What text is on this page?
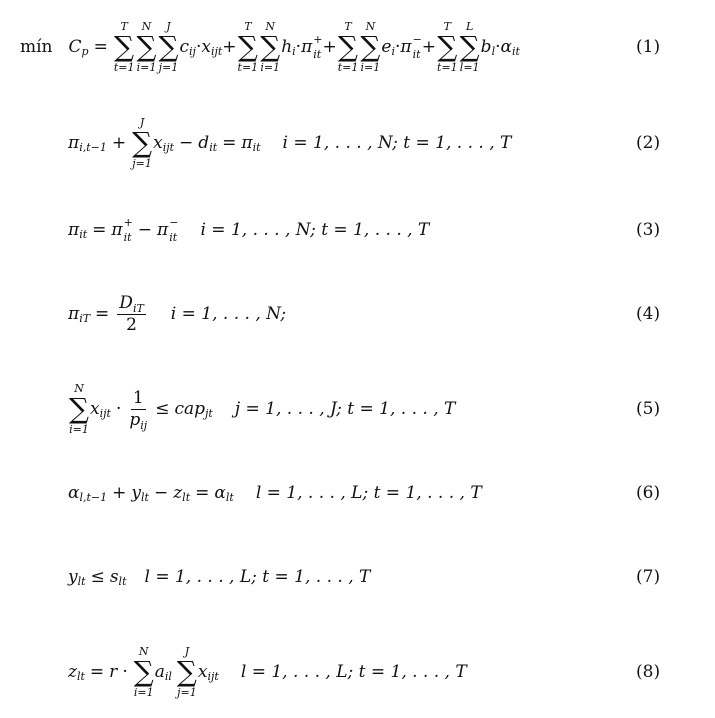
mín C p =
T
∑
t=1
N
∑
i=1
J
∑
j=1
c ij · x ijt +
T
∑
t=1
N
∑
i=1
h i · π +
it +
T
∑
t=1
N
∑
i=1
e i · π −
it +
T
∑
t=1
L
∑
l=1
b l · α it	(1)
π i,t−1 +
J
∑
j=1
x ijt − d it = π it i = 1, . . . , N; t = 1, . . . , T	(2)
π it = π +
it − π −
it i = 1, . . . , N; t = 1, . . . , T	(3)
π iT = $\frac{D_{iT}}{2}$ i = 1, . . . , N;	(4)
N
∑
i=1
x ijt · $\frac{1}{p_{ij}}$ ≤ cap jt j = 1, . . . , J; t = 1, . . . , T	(5)
α l,t−1 + y lt − z lt = α lt l = 1, . . . , L; t = 1, . . . , T	(6)
y lt ≤ s lt l = 1, . . . , L; t = 1, . . . , T	(7)
z lt = r ·
N
∑
i=1
a il
J
∑
j=1
x ijt l = 1, . . . , L; t = 1, . . . , T	(8)
